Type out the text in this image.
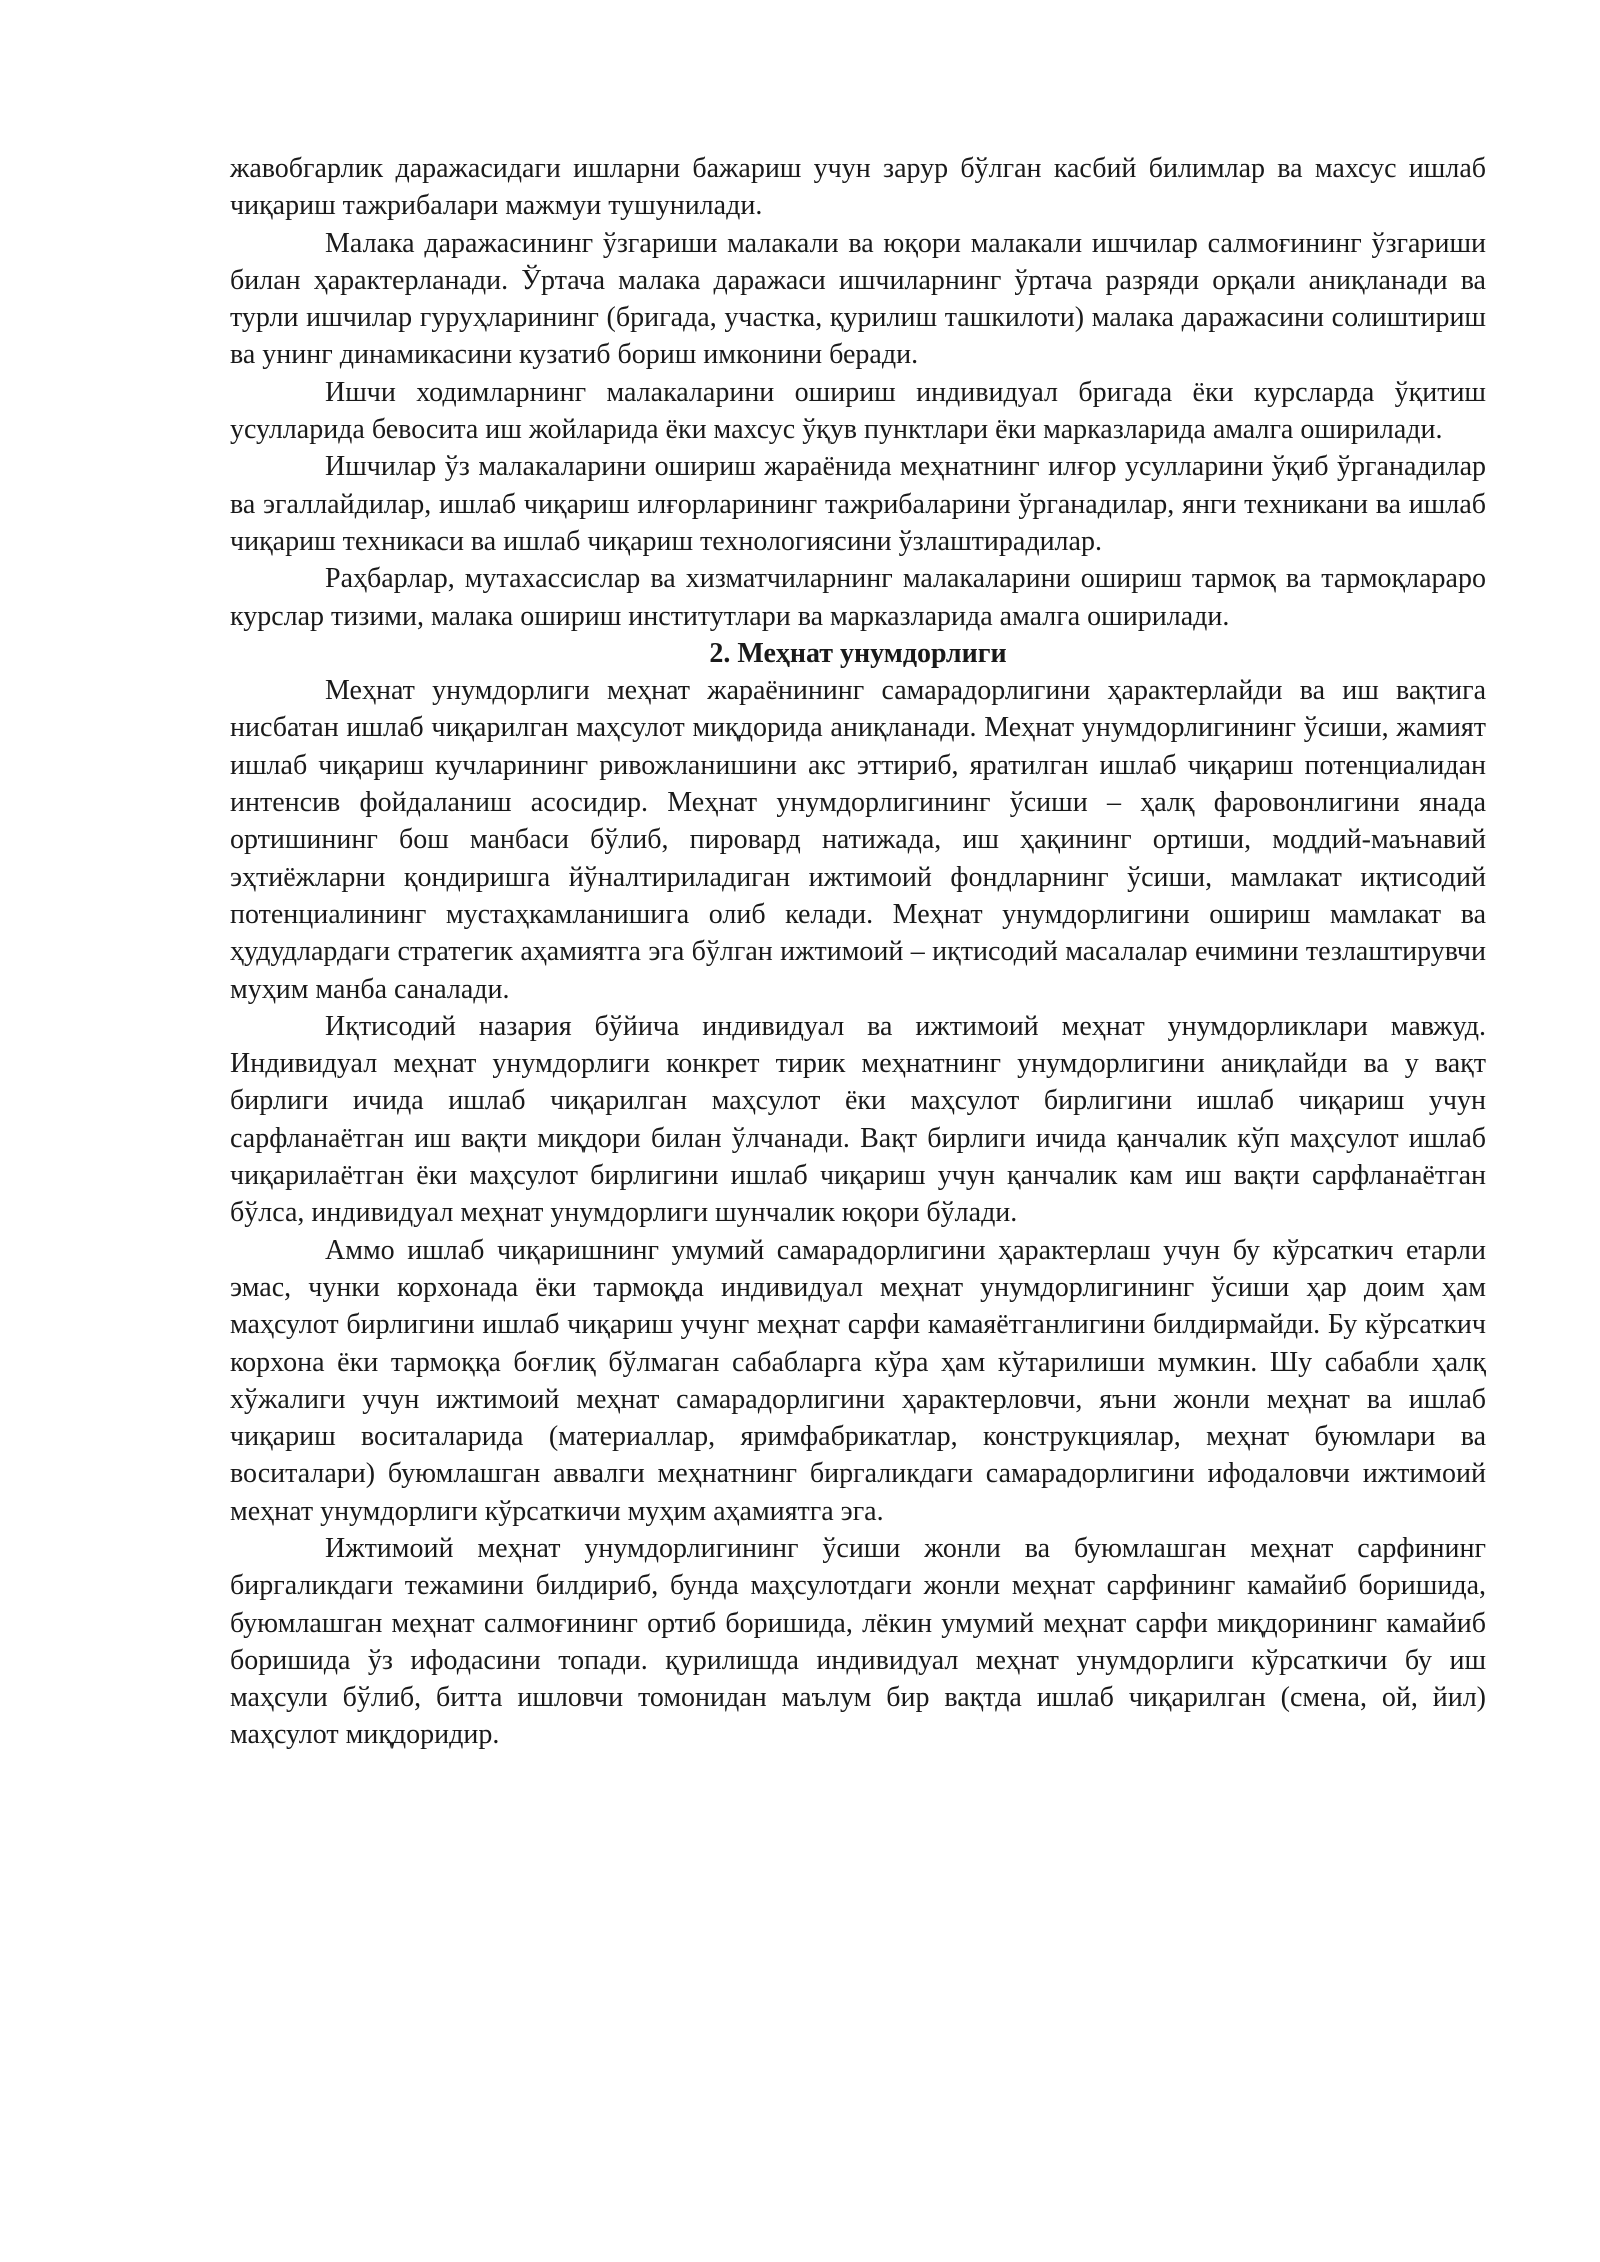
жавобгарлик даражасидаги ишларни бажариш учун зарур бўлган касбий билимлар ва махсус ишлаб чиқариш тажрибалари мажмуи тушунилади.

Малака даражасининг ўзгариши малакали ва юқори малакали ишчилар салмоғининг ўзгариши билан ҳарактерланади. Ўртача малака даражаси ишчиларнинг ўртача разряди орқали аниқланади ва турли ишчилар гуруҳларининг (бригада, участка, қурилиш ташкилоти) малака даражасини солиштириш ва унинг динамикасини кузатиб бориш имконини беради.

Ишчи ходимларнинг малакаларини ошириш индивидуал бригада ёки курсларда ўқитиш усулларида бевосита иш жойларида ёки махсус ўқув пунктлари ёки марказларида амалга оширилади.

Ишчилар ўз малакаларини ошириш жараёнида меҳнатнинг илғор усулларини ўқиб ўрганадилар ва эгаллайдилар, ишлаб чиқариш илғорларининг тажрибаларини ўрганадилар, янги техникани ва ишлаб чиқариш техникаси ва ишлаб чиқариш технологиясини ўзлаштирадилар.

Раҳбарлар, мутахассислар ва хизматчиларнинг малакаларини ошириш тармоқ ва тармоқлараро курслар тизими, малака ошириш институтлари ва марказларида амалга оширилади.

2. Меҳнат унумдорлиги

Меҳнат унумдорлиги меҳнат жараёнининг самарадорлигини ҳарактерлайди ва иш вақтига нисбатан ишлаб чиқарилган маҳсулот миқдорида аниқланади. Меҳнат унумдорлигининг ўсиши, жамият ишлаб чиқариш кучларининг ривожланишини акс эттириб, яратилган ишлаб чиқариш потенциалидан интенсив фойдаланиш асосидир. Меҳнат унумдорлигининг ўсиши – ҳалқ фаровонлигини янада ортишининг бош манбаси бўлиб, пировард натижада, иш ҳақининг ортиши, моддий-маънавий эҳтиёжларни қондиришга йўналтириладиган ижтимоий фондларнинг ўсиши, мамлакат иқтисодий потенциалининг мустаҳкамланишига олиб келади. Меҳнат унумдорлигини ошириш мамлакат ва ҳудудлардаги стратегик аҳамиятга эга бўлган ижтимоий – иқтисодий масалалар ечимини тезлаштирувчи муҳим манба саналади.

Иқтисодий назария бўйича индивидуал ва ижтимоий меҳнат унумдорликлари мавжуд. Индивидуал меҳнат унумдорлиги конкрет тирик меҳнатнинг унумдорлигини аниқлайди ва у вақт бирлиги ичида ишлаб чиқарилган маҳсулот ёки маҳсулот бирлигини ишлаб чиқариш учун сарфланаётган иш вақти миқдори билан ўлчанади. Вақт бирлиги ичида қанчалик кўп маҳсулот ишлаб чиқарилаётган ёки маҳсулот бирлигини ишлаб чиқариш учун қанчалик кам иш вақти сарфланаётган бўлса, индивидуал меҳнат унумдорлиги шунчалик юқори бўлади.

Аммо ишлаб чиқаришнинг умумий самарадорлигини ҳарактерлаш учун бу кўрсаткич етарли эмас, чунки корхонада ёки тармоқда индивидуал меҳнат унумдорлигининг ўсиши ҳар доим ҳам маҳсулот бирлигини ишлаб чиқариш учунг меҳнат сарфи камаяётганлигини билдирмайди. Бу кўрсаткич корхона ёки тармоққа боғлиқ бўлмаган сабабларга кўра ҳам кўтарилиши мумкин. Шу сабабли ҳалқ хўжалиги учун ижтимоий меҳнат самарадорлигини ҳарактерловчи, яъни жонли меҳнат ва ишлаб чиқариш воситаларида (материаллар, яримфабрикатлар, конструкциялар, меҳнат буюмлари ва воситалари) буюмлашган аввалги меҳнатнинг биргаликдаги самарадорлигини ифодаловчи ижтимоий меҳнат унумдорлиги кўрсаткичи муҳим аҳамиятга эга.

Ижтимоий меҳнат унумдорлигининг ўсиши жонли ва буюмлашган меҳнат сарфининг биргаликдаги тежамини билдириб, бунда маҳсулотдаги жонли меҳнат сарфининг камайиб боришида, буюмлашган меҳнат салмоғининг ортиб боришида, лёкин умумий меҳнат сарфи миқдорининг камайиб боришида ўз ифодасини топади. қурилишда индивидуал меҳнат унумдорлиги кўрсаткичи бу иш маҳсули бўлиб, битта ишловчи томонидан маълум бир вақтда ишлаб чиқарилган (смена, ой, йил) маҳсулот миқдоридир.
